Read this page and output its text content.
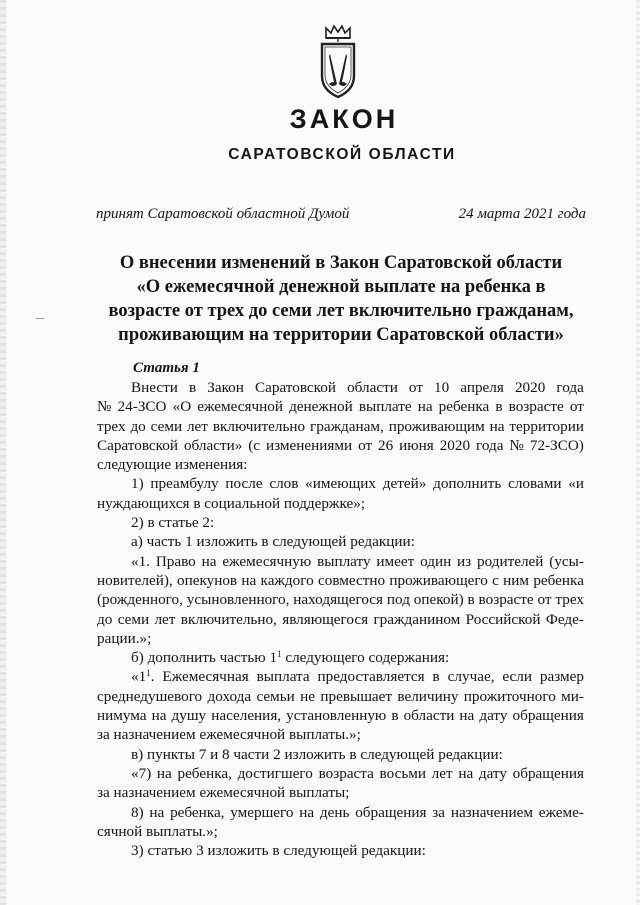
ЗАКОН
САРАТОВСКОЙ ОБЛАСТИ
принят Саратовской областной Думой	24 марта 2021 года
О внесении изменений в Закон Саратовской области
«О ежемесячной денежной выплате на ребенка в
возрасте от трех до семи лет включительно гражданам,
проживающим на территории Саратовской области»
Статья 1
Внести в Закон Саратовской области от 10 апреля 2020 года
№ 24-ЗСО «О ежемесячной денежной выплате на ребенка в возрасте от
трех до семи лет включительно гражданам, проживающим на территории
Саратовской области» (с изменениями от 26 июня 2020 года № 72-ЗСО)
следующие изменения:
1) преамбулу после слов «имеющих детей» дополнить словами «и
нуждающихся в социальной поддержке»;
2) в статье 2:
а) часть 1 изложить в следующей редакции:
«1. Право на ежемесячную выплату имеет один из родителей (усы-
новителей), опекунов на каждого совместно проживающего с ним ребенка
(рожденного, усыновленного, находящегося под опекой) в возрасте от трех
до семи лет включительно, являющегося гражданином Российской Феде-
рации.»;
б) дополнить частью $1^1$ следующего содержания:
«$1^1$. Ежемесячная выплата предоставляется в случае, если размер
среднедушевого дохода семьи не превышает величину прожиточного ми-
нимума на душу населения, установленную в области на дату обращения
за назначением ежемесячной выплаты.»;
в) пункты 7 и 8 части 2 изложить в следующей редакции:
«7) на ребенка, достигшего возраста восьми лет на дату обращения
за назначением ежемесячной выплаты;
8) на ребенка, умершего на день обращения за назначением ежеме-
сячной выплаты.»;
3) статью 3 изложить в следующей редакции:
